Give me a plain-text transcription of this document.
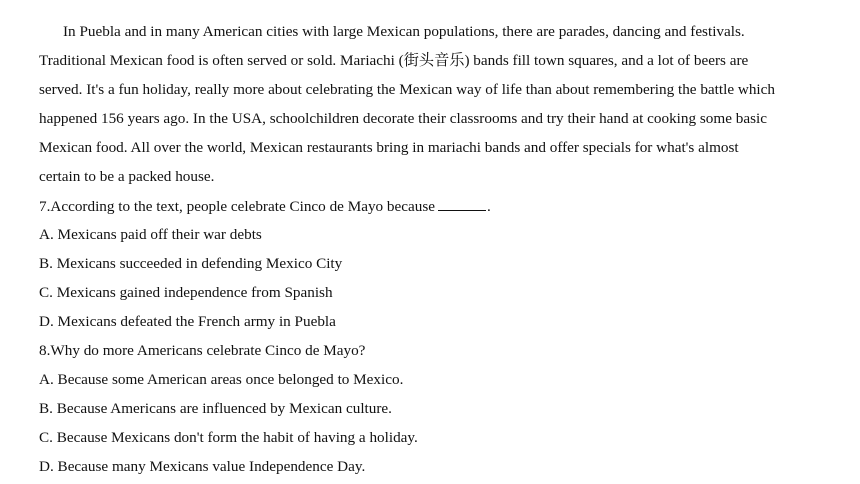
In Puebla and in many American cities with large Mexican populations, there are parades, dancing and festivals.
Traditional Mexican food is often served or sold. Mariachi (街头音乐) bands fill town squares, and a lot of beers are
served. It's a fun holiday, really more about celebrating the Mexican way of life than about remembering the battle which
happened 156 years ago. In the USA, schoolchildren decorate their classrooms and try their hand at cooking some basic
Mexican food. All over the world, Mexican restaurants bring in mariachi bands and offer specials for what's almost
certain to be a packed house.
7.According to the text, people celebrate Cinco de Mayo because	.
A. Mexicans paid off their war debts
B. Mexicans succeeded in defending Mexico City
C. Mexicans gained independence from Spanish
D. Mexicans defeated the French army in Puebla
8.Why do more Americans celebrate Cinco de Mayo?
A. Because some American areas once belonged to Mexico.
B. Because Americans are influenced by Mexican culture.
C. Because Mexicans don't form the habit of having a holiday.
D. Because many Mexicans value Independence Day.
